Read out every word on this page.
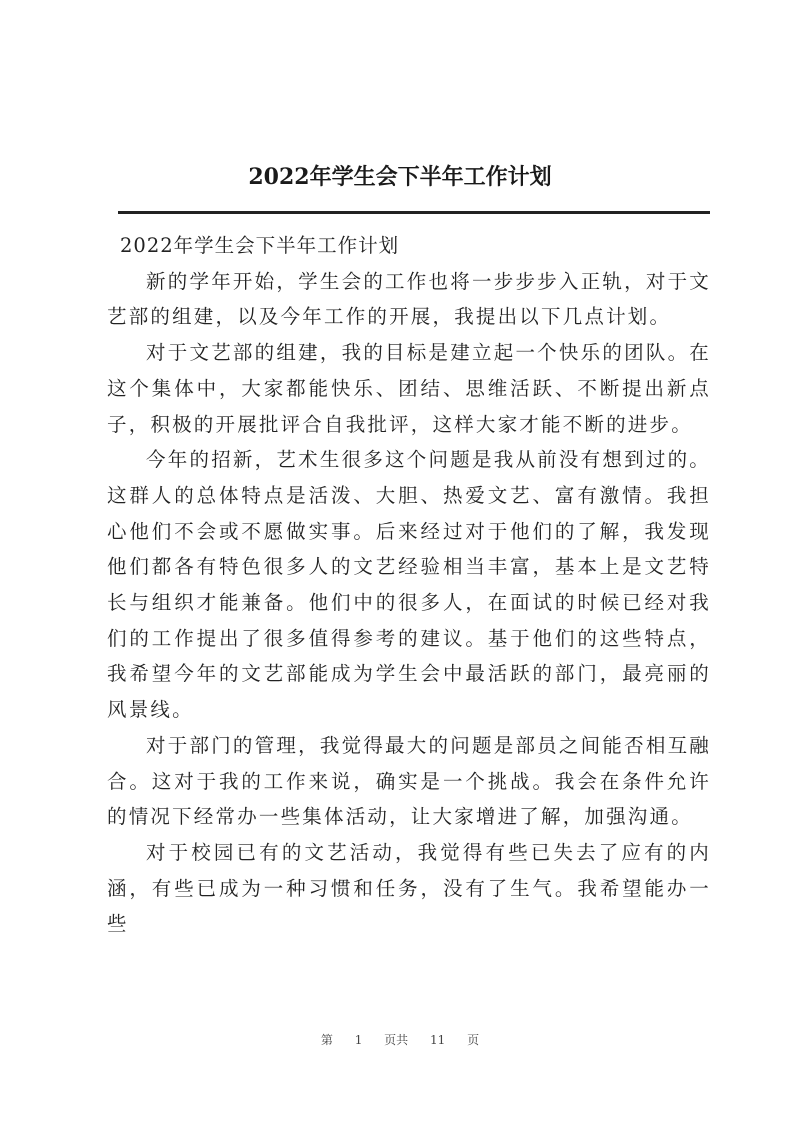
2022年学生会下半年工作计划

2022年学生会下半年工作计划

新的学年开始，学生会的工作也将一步步步入正轨，对于文艺部的组建，以及今年工作的开展，我提出以下几点计划。

对于文艺部的组建，我的目标是建立起一个快乐的团队。在这个集体中，大家都能快乐、团结、思维活跃、不断提出新点子，积极的开展批评合自我批评，这样大家才能不断的进步。

今年的招新，艺术生很多这个问题是我从前没有想到过的。这群人的总体特点是活泼、大胆、热爱文艺、富有激情。我担心他们不会或不愿做实事。后来经过对于他们的了解，我发现他们都各有特色很多人的文艺经验相当丰富，基本上是文艺特长与组织才能兼备。他们中的很多人，在面试的时候已经对我们的工作提出了很多值得参考的建议。基于他们的这些特点，我希望今年的文艺部能成为学生会中最活跃的部门，最亮丽的风景线。

对于部门的管理，我觉得最大的问题是部员之间能否相互融合。这对于我的工作来说，确实是一个挑战。我会在条件允许的情况下经常办一些集体活动，让大家增进了解，加强沟通。

对于校园已有的文艺活动，我觉得有些已失去了应有的内涵，有些已成为一种习惯和任务，没有了生气。我希望能办一些

第 1 页共 11 页
